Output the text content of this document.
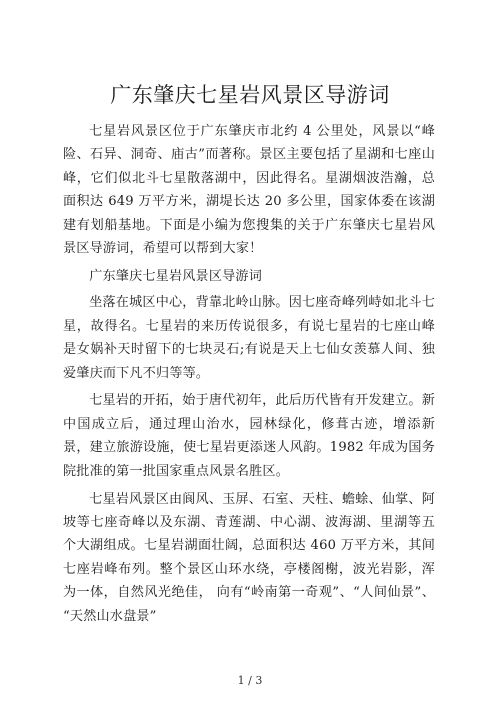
广东肇庆七星岩风景区导游词

七星岩风景区位于广东肇庆市北约 4 公里处，风景以“峰险、石异、洞奇、庙古”而著称。景区主要包括了星湖和七座山峰，它们似北斗七星散落湖中，因此得名。星湖烟波浩瀚，总面积达 649 万平方米，湖堤长达 20 多公里，国家体委在该湖建有划船基地。下面是小编为您搜集的关于广东肇庆七星岩风景区导游词，希望可以帮到大家！

广东肇庆七星岩风景区导游词

坐落在城区中心，背靠北岭山脉。因七座奇峰列峙如北斗七星，故得名。七星岩的来历传说很多，有说七星岩的七座山峰是女娲补天时留下的七块灵石;有说是天上七仙女羡慕人间、独爱肇庆而下凡不归等等。

七星岩的开拓，始于唐代初年，此后历代皆有开发建立。新中国成立后，通过理山治水，园林绿化，修葺古迹，增添新景，建立旅游设施，使七星岩更添迷人风韵。1982 年成为国务院批准的第一批国家重点风景名胜区。

七星岩风景区由阆风、玉屏、石室、天柱、蟾蜍、仙掌、阿坡等七座奇峰以及东湖、青莲湖、中心湖、波海湖、里湖等五个大湖组成。七星岩湖面壮阔，总面积达 460 万平方米，其间七座岩峰布列。整个景区山环水绕，亭楼阁榭，波光岩影，浑为一体，自然风光绝佳， 向有“岭南第一奇观”、“人间仙景”、 “天然山水盘景”

1 / 3
